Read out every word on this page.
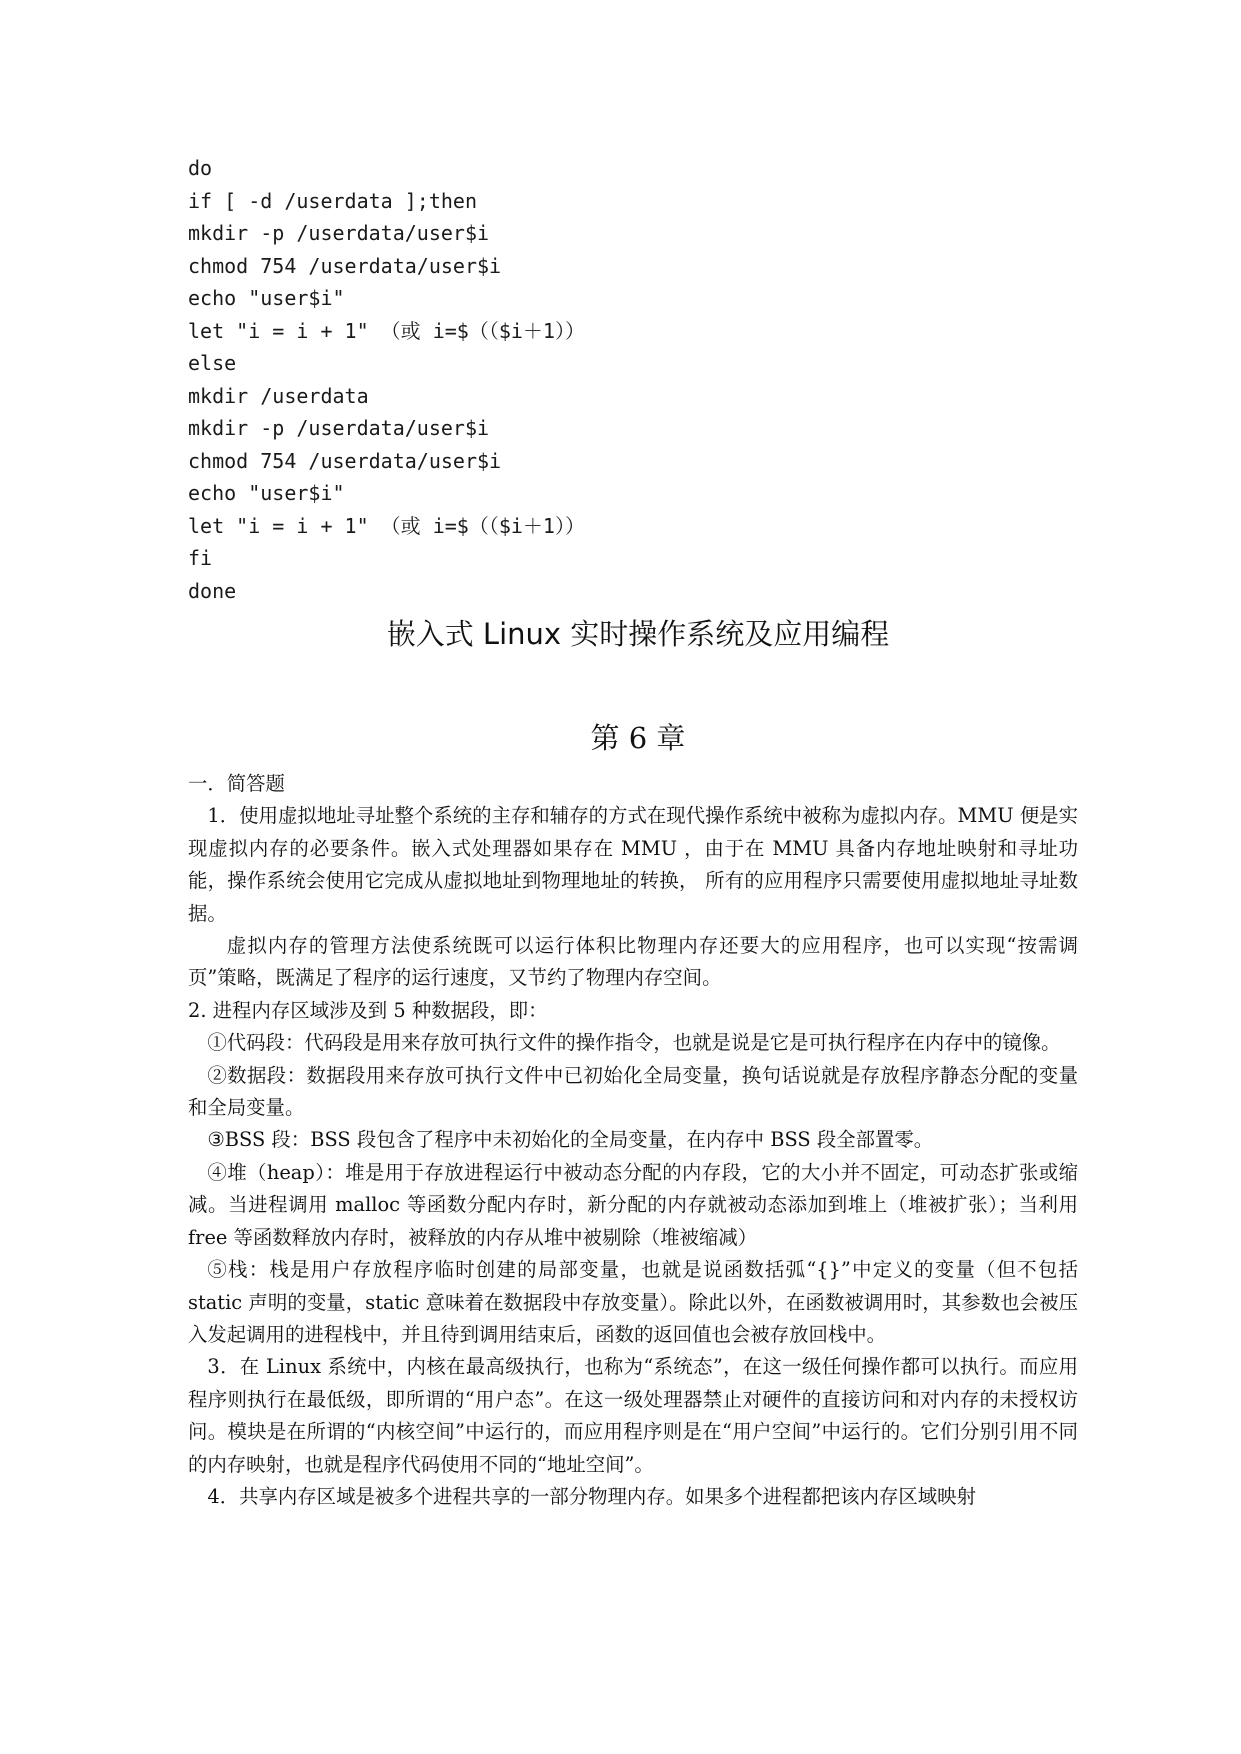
do
if [ -d /userdata ];then
mkdir -p /userdata/user$i
chmod 754 /userdata/user$i
echo "user$i"
let "i = i + 1" （或 i=$（（$i＋1））
else
mkdir /userdata
mkdir -p /userdata/user$i
chmod 754 /userdata/user$i
echo "user$i"
let "i = i + 1" （或 i=$（（$i＋1））
fi
done
嵌入式 Linux 实时操作系统及应用编程
第 6 章

一．简答题

1．使用虚拟地址寻址整个系统的主存和辅存的方式在现代操作系统中被称为虚拟内存。MMU 便是实现虚拟内存的必要条件。嵌入式处理器如果存在 MMU ，由于在 MMU 具备内存地址映射和寻址功能，操作系统会使用它完成从虚拟地址到物理地址的转换， 所有的应用程序只需要使用虚拟地址寻址数据。

虚拟内存的管理方法使系统既可以运行体积比物理内存还要大的应用程序，也可以实现“按需调页”策略，既满足了程序的运行速度，又节约了物理内存空间。

2. 进程内存区域涉及到 5 种数据段，即：

①代码段：代码段是用来存放可执行文件的操作指令，也就是说是它是可执行程序在内存中的镜像。

②数据段：数据段用来存放可执行文件中已初始化全局变量，换句话说就是存放程序静态分配的变量和全局变量。

③BSS 段：BSS 段包含了程序中未初始化的全局变量，在内存中 BSS 段全部置零。

④堆（heap）：堆是用于存放进程运行中被动态分配的内存段，它的大小并不固定，可动态扩张或缩减。当进程调用 malloc 等函数分配内存时，新分配的内存就被动态添加到堆上（堆被扩张）；当利用 free 等函数释放内存时，被释放的内存从堆中被剔除（堆被缩减）

⑤栈：栈是用户存放程序临时创建的局部变量，也就是说函数括弧“{}”中定义的变量（但不包括 static 声明的变量，static 意味着在数据段中存放变量）。除此以外，在函数被调用时，其参数也会被压入发起调用的进程栈中，并且待到调用结束后，函数的返回值也会被存放回栈中。

3．在 Linux 系统中，内核在最高级执行，也称为“系统态”，在这一级任何操作都可以执行。而应用程序则执行在最低级，即所谓的“用户态”。在这一级处理器禁止对硬件的直接访问和对内存的未授权访问。模块是在所谓的“内核空间”中运行的，而应用程序则是在“用户空间”中运行的。它们分别引用不同的内存映射，也就是程序代码使用不同的“地址空间”。

4．共享内存区域是被多个进程共享的一部分物理内存。如果多个进程都把该内存区域映射
